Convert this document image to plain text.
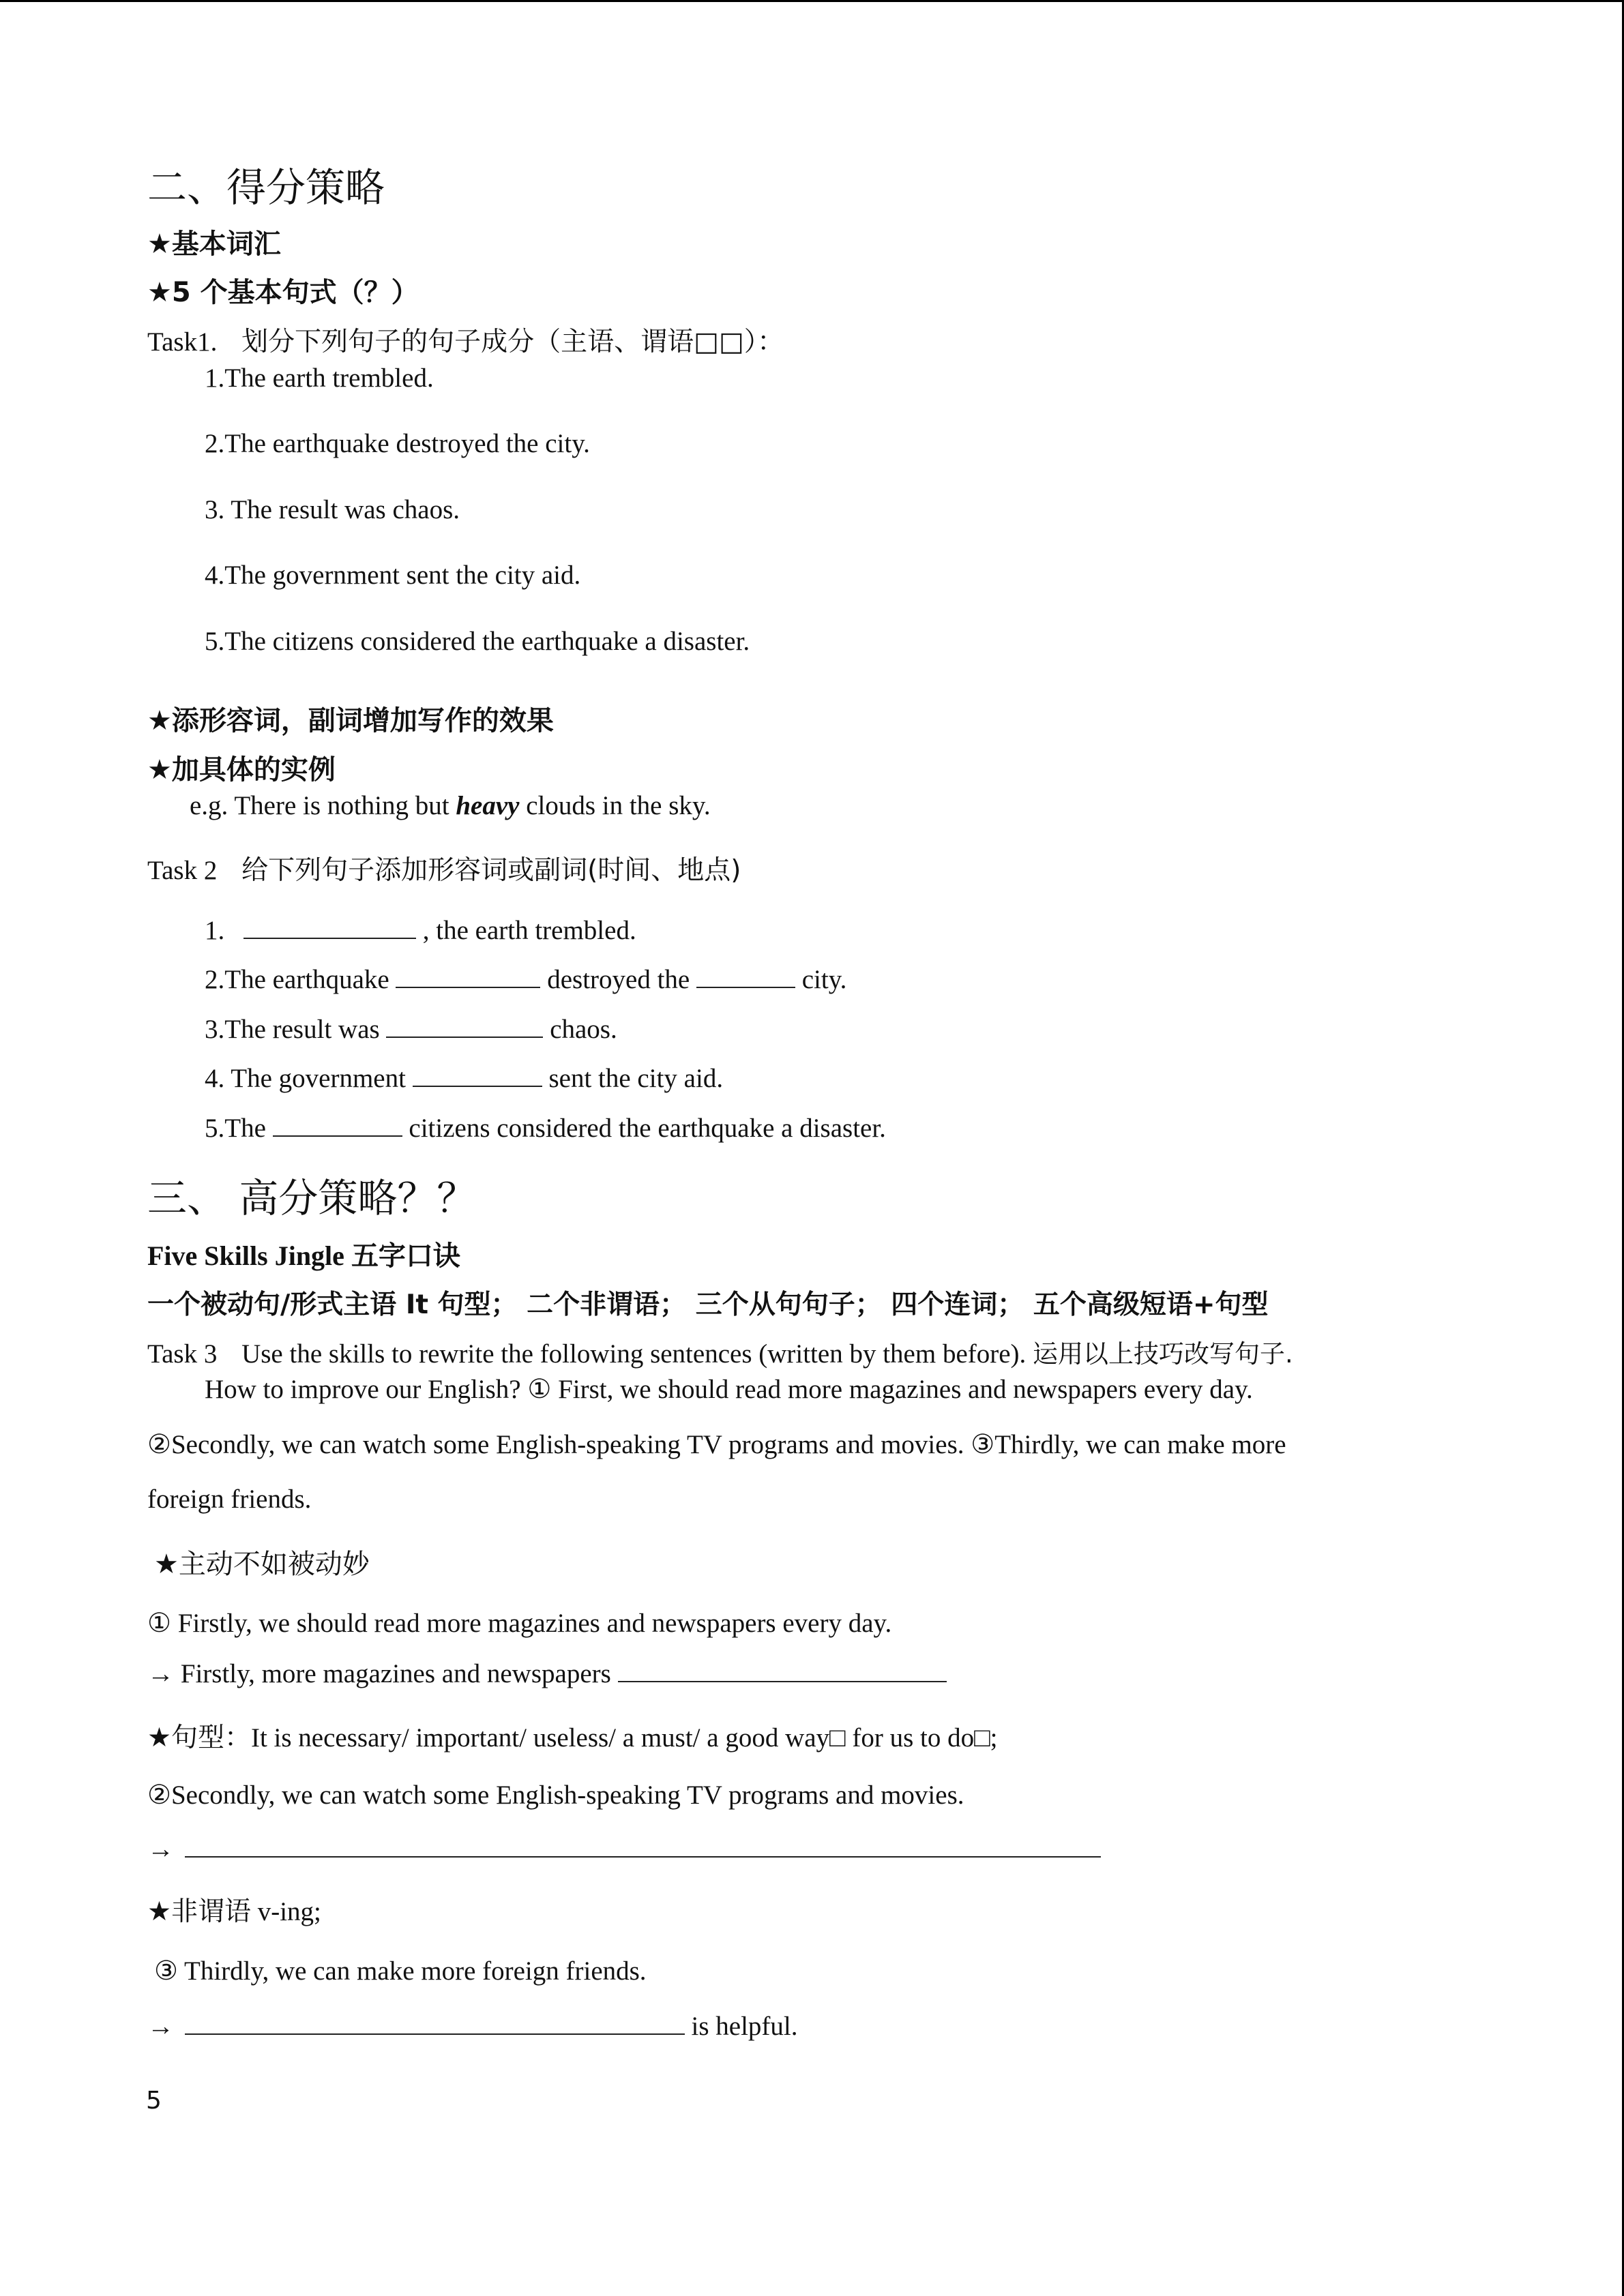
二、得分策略
★基本词汇
★5 个基本句式（？）
Task1. 划分下列句子的句子成分（主语、谓语□□）：
1.The earth trembled.
2.The earthquake destroyed the city.
3. The result was chaos.
4.The government sent the city aid.
5.The citizens considered the earthquake a disaster.
★添形容词，副词增加写作的效果
★加具体的实例
e.g. There is nothing but heavy clouds in the sky.
Task 2 给下列句子添加形容词或副词(时间、地点)
1.	, the earth trembled.
2.The earthquake	destroyed the	city.
3.The result was	chaos.
4. The government	sent the city aid.
5.The	citizens considered the earthquake a disaster.
三、 高分策略？？
Five Skills Jingle 五字口诀
一个被动句/形式主语 It 句型； 二个非谓语； 三个从句句子； 四个连词； 五个高级短语+句型
Task 3 Use the skills to rewrite the following sentences (written by them before). 运用以上技巧改写句子.
How to improve our English? ① First, we should read more magazines and newspapers every day.
②Secondly, we can watch some English-speaking TV programs and movies. ③Thirdly, we can make more
foreign friends.
★主动不如被动妙
① Firstly, we should read more magazines and newspapers every day.
→ Firstly, more magazines and newspapers
★句型：It is necessary/ important/ useless/ a must/ a good way□ for us to do□;
②Secondly, we can watch some English-speaking TV programs and movies.
→
★非谓语 v-ing;
③ Thirdly, we can make more foreign friends.
→	is helpful.
5
